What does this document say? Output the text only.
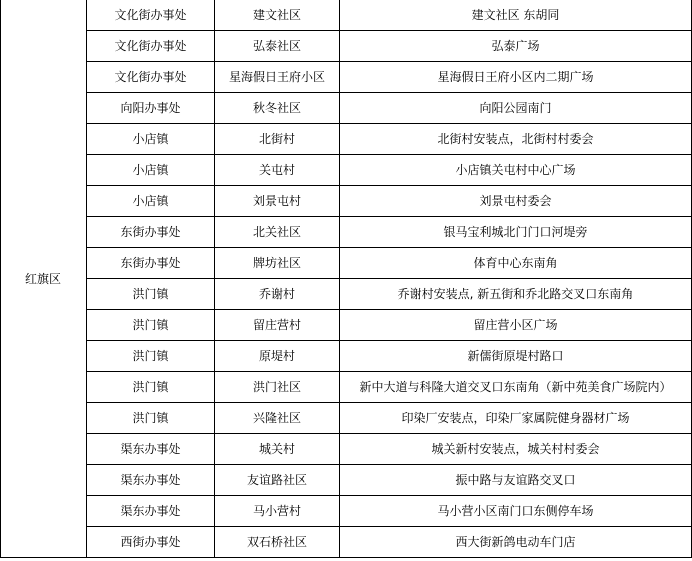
红旗区	文化街办事处	建文社区	建文社区 东胡同
	文化街办事处	弘泰社区	弘泰广场
	文化街办事处	星海假日王府小区	星海假日王府小区内二期广场
	向阳办事处	秋冬社区	向阳公园南门
	小店镇	北街村	北街村安装点，北街村村委会
	小店镇	关屯村	小店镇关屯村中心广场
	小店镇	刘景屯村	刘景屯村委会
	东街办事处	北关社区	银马宝利城北门门口河堤旁
	东街办事处	牌坊社区	体育中心东南角
	洪门镇	乔谢村	乔谢村安装点, 新五街和乔北路交叉口东南角
	洪门镇	留庄营村	留庄营小区广场
	洪门镇	原堤村	新儒街原堤村路口
	洪门镇	洪门社区	新中大道与科隆大道交叉口东南角（新中苑美食广场院内）
	洪门镇	兴隆社区	印染厂安装点，印染厂家属院健身器材广场
	渠东办事处	城关村	城关新村安装点，城关村村委会
	渠东办事处	友谊路社区	振中路与友谊路交叉口
	渠东办事处	马小营村	马小营小区南门口东侧停车场
	西街办事处	双石桥社区	西大街新鸽电动车门店
